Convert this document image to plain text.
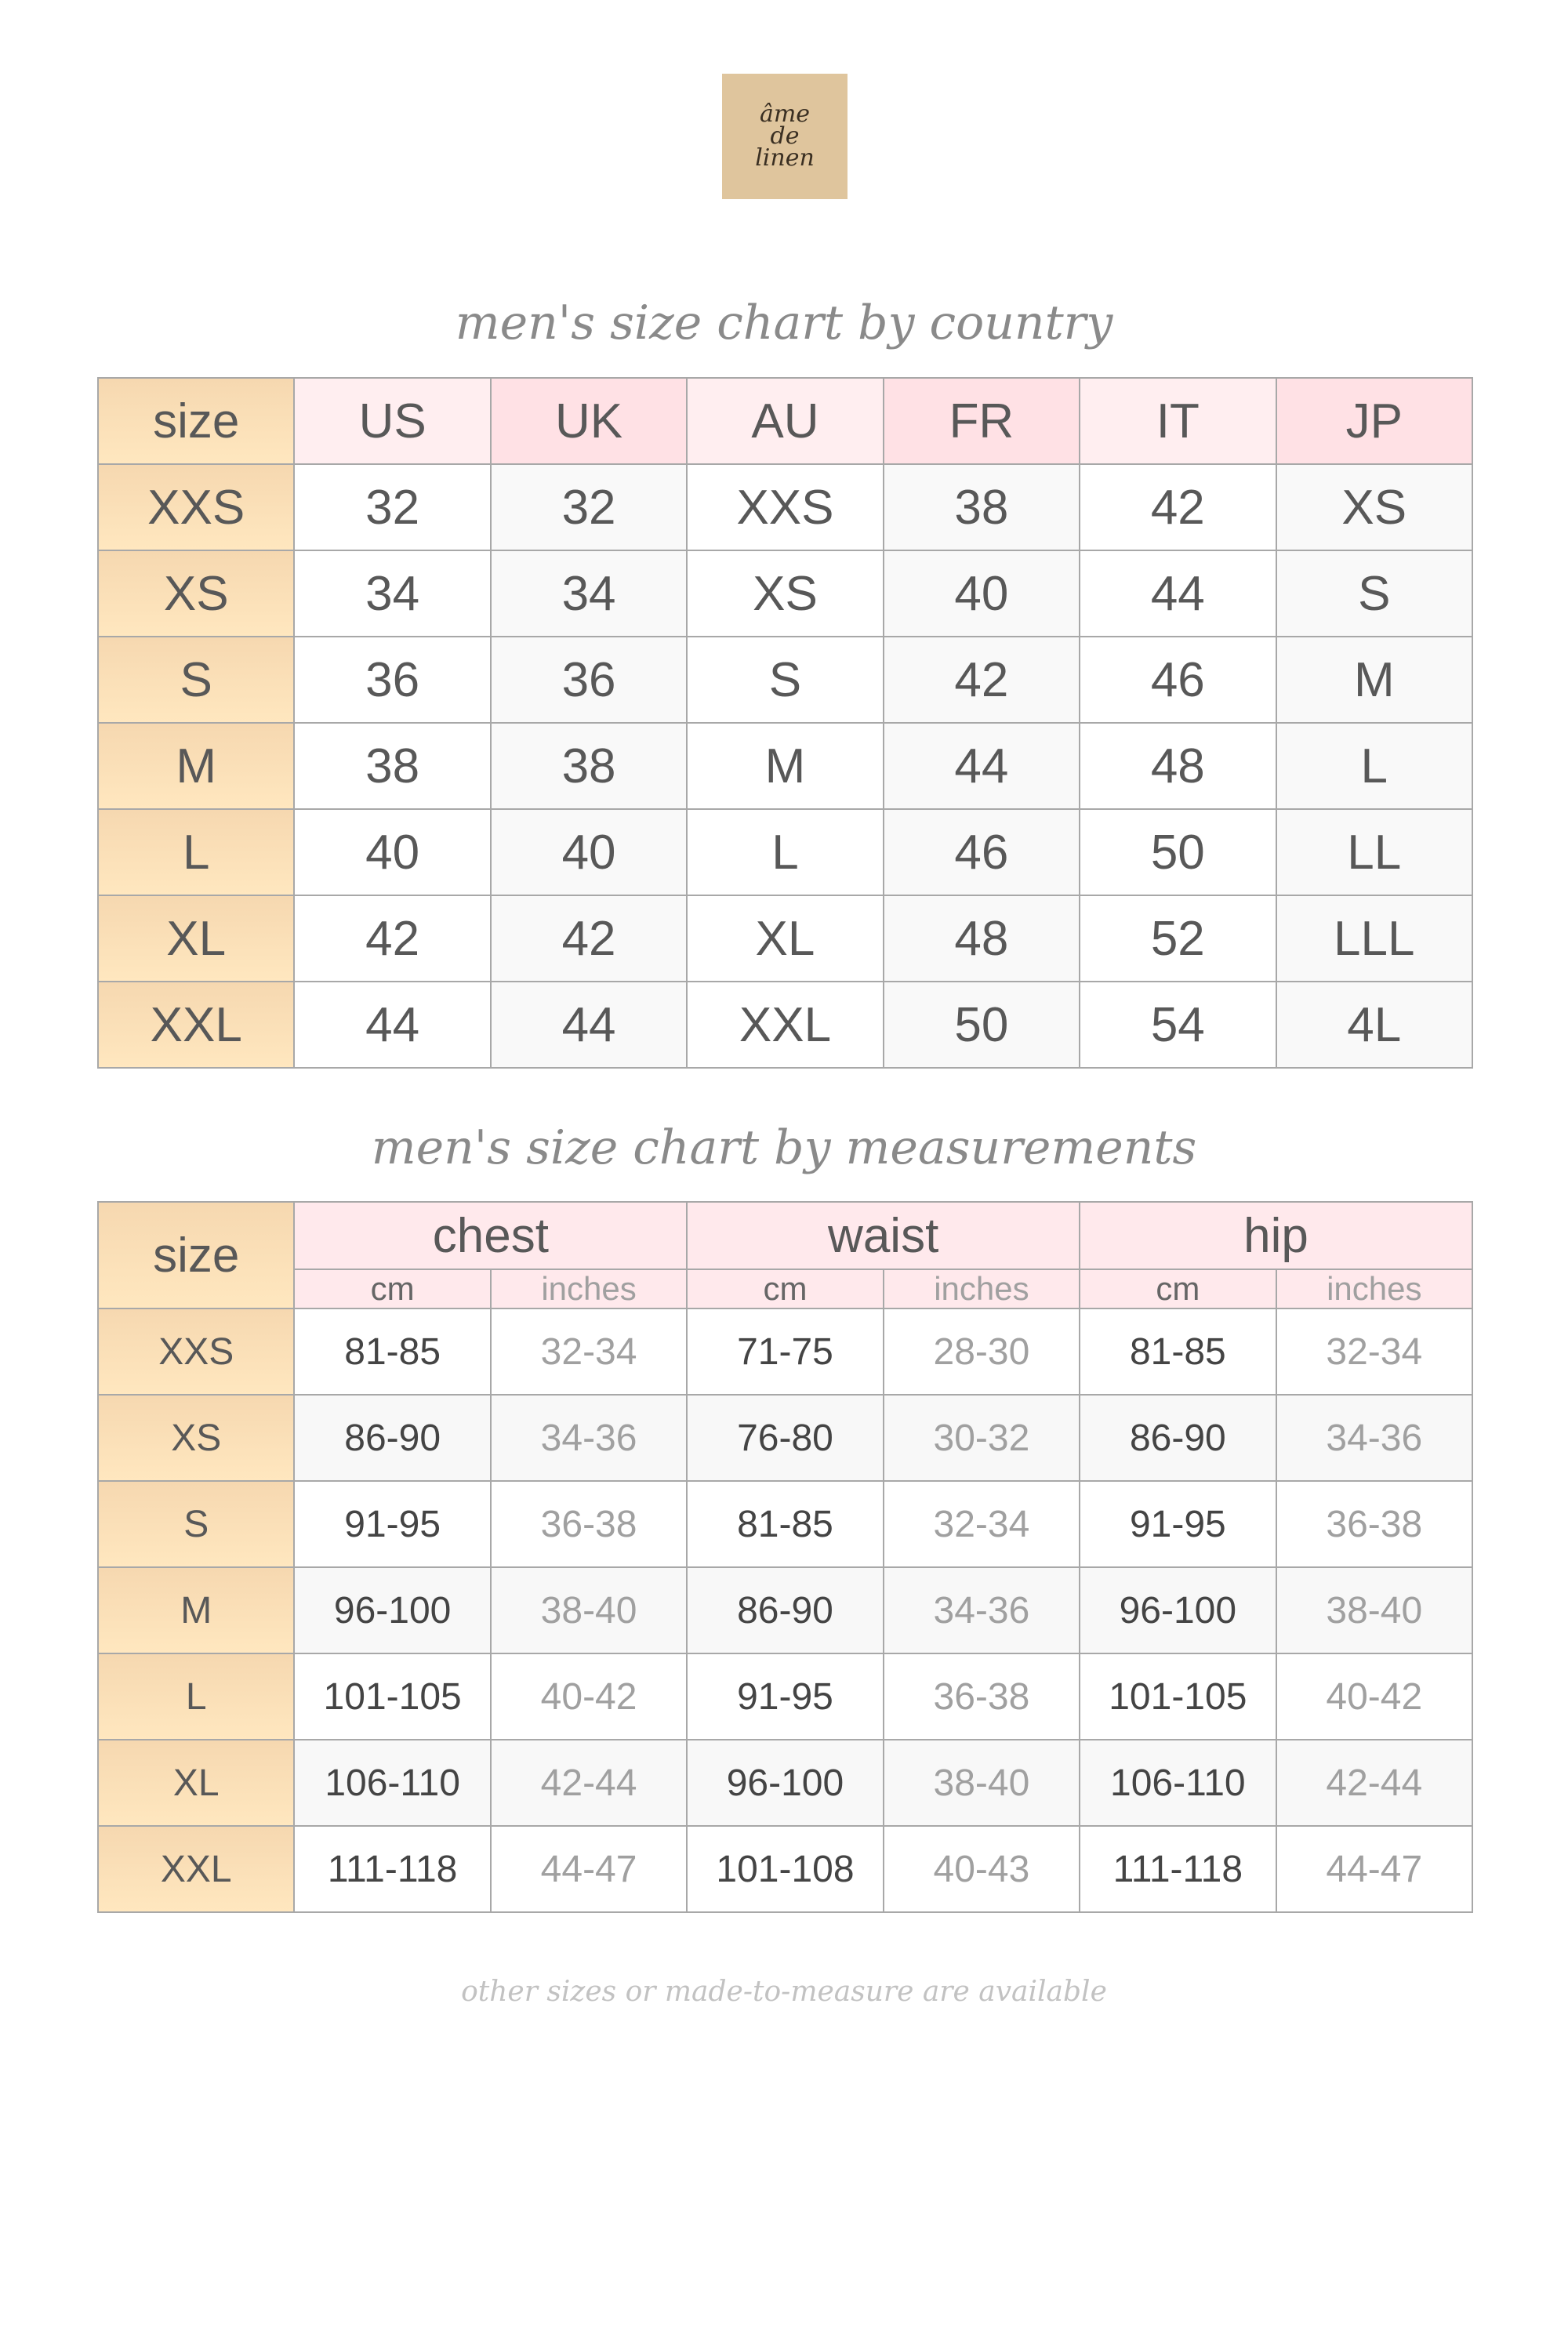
âme
de
linen
men's size chart by country
size	US	UK	AU	FR	IT	JP
XXS	32	32	XXS	38	42	XS
XS	34	34	XS	40	44	S
S	36	36	S	42	46	M
M	38	38	M	44	48	L
L	40	40	L	46	50	LL
XL	42	42	XL	48	52	LLL
XXL	44	44	XXL	50	54	4L
men's size chart by measurements
size	chest		waist		hip	
	cm	inches	cm	inches	cm	inches
XXS	81-85	32-34	71-75	28-30	81-85	32-34
XS	86-90	34-36	76-80	30-32	86-90	34-36
S	91-95	36-38	81-85	32-34	91-95	36-38
M	96-100	38-40	86-90	34-36	96-100	38-40
L	101-105	40-42	91-95	36-38	101-105	40-42
XL	106-110	42-44	96-100	38-40	106-110	42-44
XXL	111-118	44-47	101-108	40-43	111-118	44-47
other sizes or made-to-measure are available
